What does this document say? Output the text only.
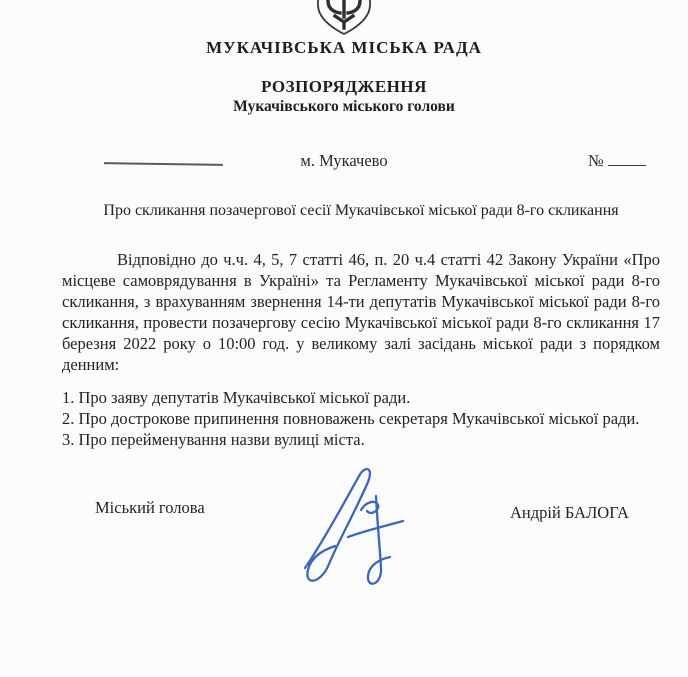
МУКАЧІВСЬКА МІСЬКА РАДА
РОЗПОРЯДЖЕННЯ
Мукачівського міського голови
м. Мукачево	№
Про скликання позачергової сесії Мукачівської міської ради 8-го скликання
Відповідно до ч.ч. 4, 5, 7 статті 46, п. 20 ч.4 статті 42 Закону України «Про місцеве самоврядування в Україні» та Регламенту Мукачівської міської ради 8-го скликання, з врахуванням звернення 14-ти депутатів Мукачівської міської ради 8-го скликання, провести позачергову сесію Мукачівської міської ради 8-го скликання 17 березня 2022 року о 10:00 год. у великому залі засідань міської ради з порядком денним:
1. Про заяву депутатів Мукачівської міської ради.
2. Про дострокове припинення повноважень секретаря Мукачівської міської ради.
3. Про перейменування назви вулиці міста.
Міський голова	Андрій БАЛОГА
